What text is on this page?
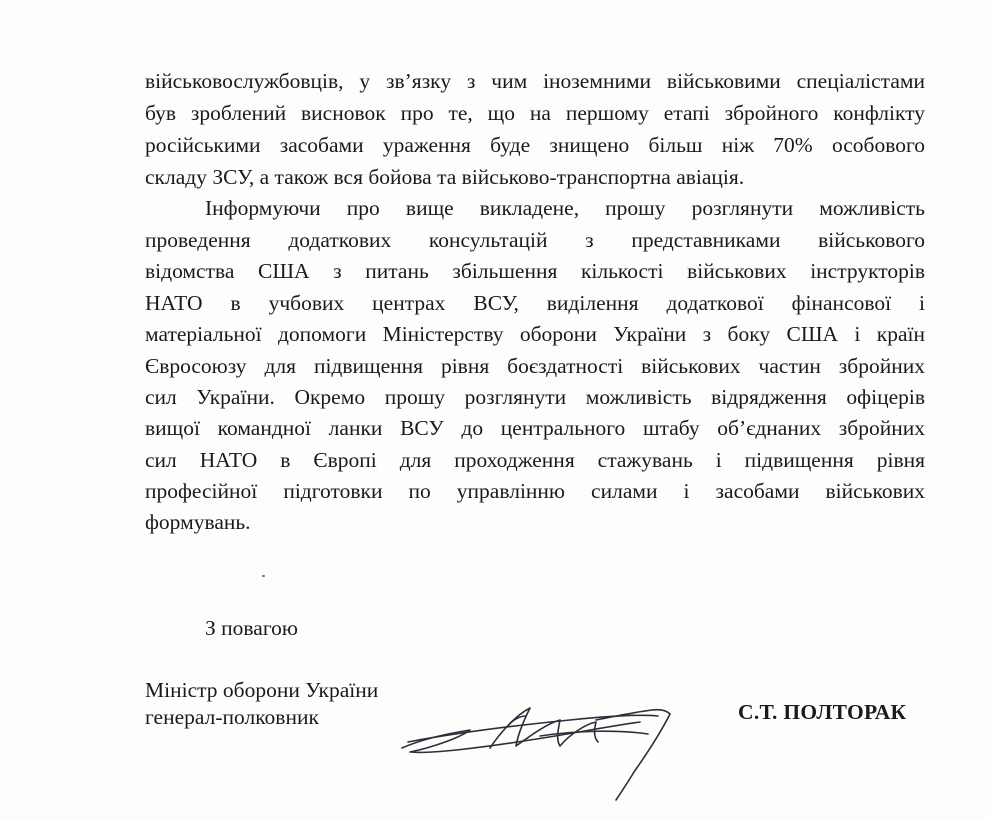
військовослужбовців, у зв’язку з чим іноземними військовими спеціалістами
був зроблений висновок про те, що на першому етапі збройного конфлікту
російськими засобами ураження буде знищено більш ніж 70% особового
складу ЗСУ, а також вся бойова та військово-транспортна авіація.
Інформуючи про вище викладене, прошу розглянути можливість
проведення додаткових консультацій з представниками військового
відомства США з питань збільшення кількості військових інструкторів
НАТО в учбових центрах ВСУ, виділення додаткової фінансової і
матеріальної допомоги Міністерству оборони України з боку США і країн
Євросоюзу для підвищення рівня боєздатності військових частин збройних
сил України. Окремо прошу розглянути можливість відрядження офіцерів
вищої командної ланки ВСУ до центрального штабу об’єднаних збройних
сил НАТО в Європі для проходження стажувань і підвищення рівня
професійної підготовки по управлінню силами і засобами військових
формувань.
З повагою
Міністр оборони України
генерал-полковник	С.Т. ПОЛТОРАК
